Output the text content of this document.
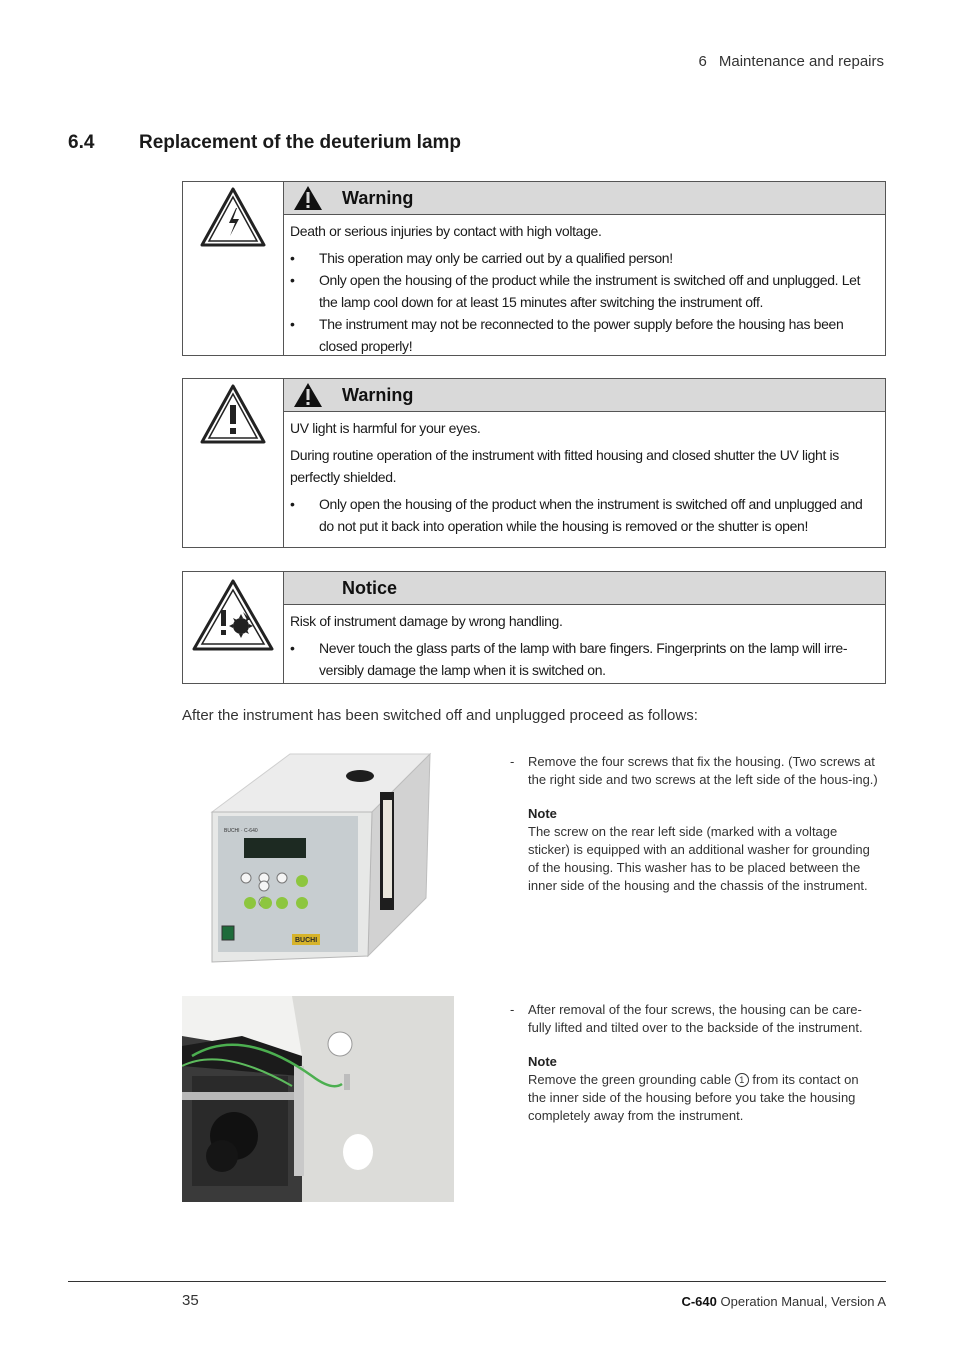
6 Maintenance and repairs
6.4 Replacement of the deuterium lamp
Warning

Death or serious injuries by contact with high voltage.

• This operation may only be carried out by a qualified person!
• Only open the housing of the product while the instrument is switched off and unplugged. Let the lamp cool down for at least 15 minutes after switching the instrument off.
• The instrument may not be reconnected to the power supply before the housing has been closed properly!
Warning

UV light is harmful for your eyes.

During routine operation of the instrument with fitted housing and closed shutter the UV light is perfectly shielded.

• Only open the housing of the product when the instrument is switched off and unplugged and do not put it back into operation while the housing is removed or the shutter is open!
Notice

Risk of instrument damage by wrong handling.

• Never touch the glass parts of the lamp with bare fingers. Fingerprints on the lamp will irre-versibly damage the lamp when it is switched on.
After the instrument has been switched off and unplugged proceed as follows:
BUCHI · C-640
BUCHI
- Remove the four screws that fix the housing. (Two screws at the right side and two screws at the left side of the hous-ing.)
Note
The screw on the rear left side (marked with a voltage sticker) is equipped with an additional washer for grounding of the housing. This washer has to be placed between the inner side of the housing and the chassis of the instrument.
- After removal of the four screws, the housing can be care-fully lifted and tilted over to the backside of the instrument.
Note
Remove the green grounding cable 1 from its contact on the inner side of the housing before you take the housing completely away from the instrument.
35	C-640 Operation Manual, Version A
